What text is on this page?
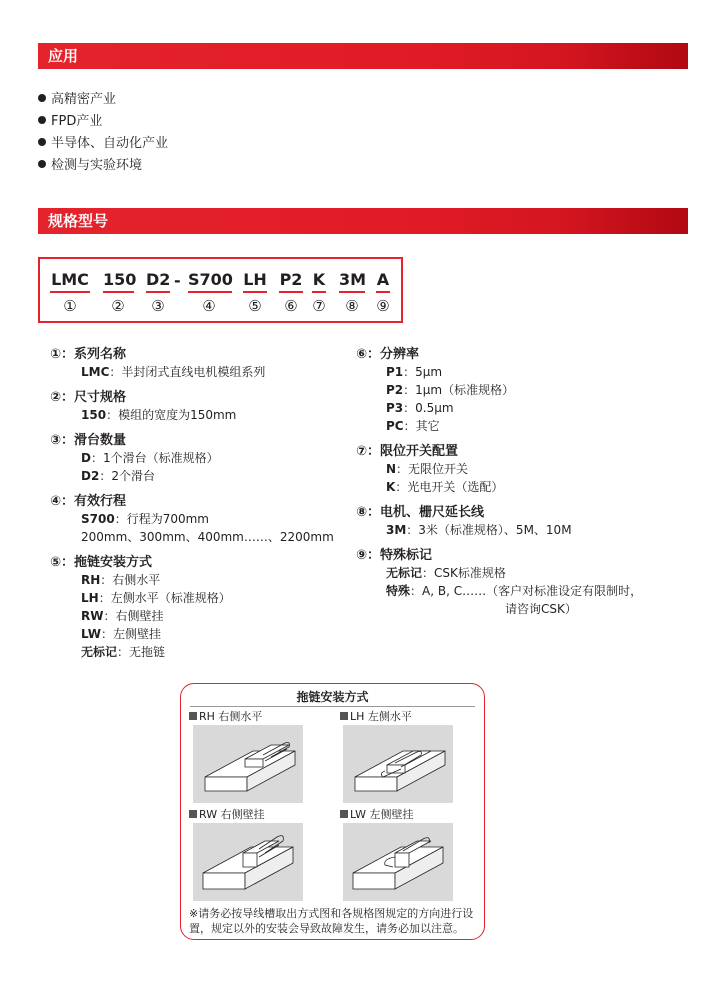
应用
高精密产业
FPD产业
半导体、自动化产业
检测与实验环境
规格型号
LMC 150 D2 - S700 LH P2 K 3M A
① ② ③	④ ⑤ ⑥ ⑦ ⑧ ⑨
①：系列名称
LMC：半封闭式直线电机模组系列
②：尺寸规格
150：模组的宽度为150mm
③：滑台数量
D：1个滑台（标准规格）
D2：2个滑台
④：有效行程
S700：行程为700mm
200mm、300mm、400mm……、2200mm
⑤：拖链安装方式
RH：右侧水平
LH：左侧水平（标准规格）
RW：右侧壁挂
LW：左侧壁挂
无标记：无拖链
⑥：分辨率
P1：5μm
P2：1μm（标准规格）
P3：0.5μm
PC：其它
⑦：限位开关配置
N：无限位开关
K：光电开关（选配）
⑧：电机、栅尺延长线
3M：3米（标准规格）、5M、10M
⑨：特殊标记
无标记：CSK标准规格
特殊：A, B, C……（客户对标准设定有限制时，
请咨询CSK）
拖链安装方式
RH 右侧水平	LH 左侧水平
RW 右侧壁挂	LW 左侧壁挂
※请务必按导线槽取出方式图和各规格图规定的方向进行设
置，规定以外的安装会导致故障发生，请务必加以注意。
